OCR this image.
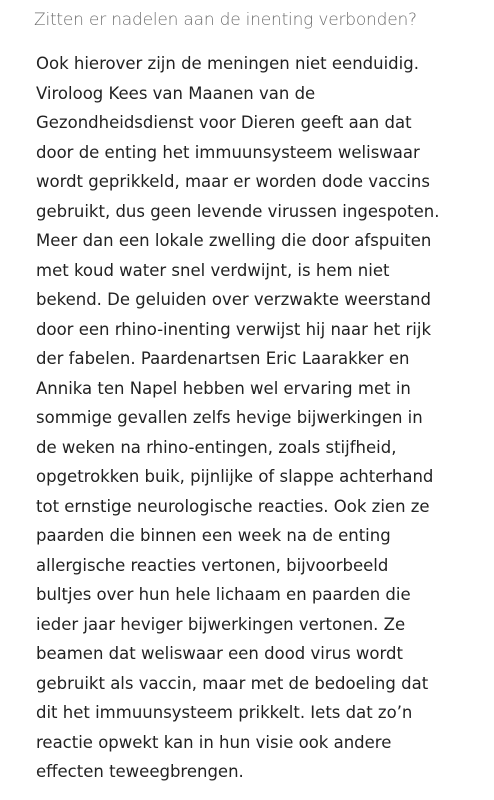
Zitten er nadelen aan de inenting verbonden?

Ook hierover zijn de meningen niet eenduidig.
Viroloog Kees van Maanen van de
Gezondheidsdienst voor Dieren geeft aan dat
door de enting het immuunsysteem weliswaar
wordt geprikkeld, maar er worden dode vaccins
gebruikt, dus geen levende virussen ingespoten.
Meer dan een lokale zwelling die door afspuiten
met koud water snel verdwijnt, is hem niet
bekend. De geluiden over verzwakte weerstand
door een rhino-inenting verwijst hij naar het rijk
der fabelen. Paardenartsen Eric Laarakker en
Annika ten Napel hebben wel ervaring met in
sommige gevallen zelfs hevige bijwerkingen in
de weken na rhino-entingen, zoals stijfheid,
opgetrokken buik, pijnlijke of slappe achterhand
tot ernstige neurologische reacties. Ook zien ze
paarden die binnen een week na de enting
allergische reacties vertonen, bijvoorbeeld
bultjes over hun hele lichaam en paarden die
ieder jaar heviger bijwerkingen vertonen. Ze
beamen dat weliswaar een dood virus wordt
gebruikt als vaccin, maar met de bedoeling dat
dit het immuunsysteem prikkelt. Iets dat zo’n
reactie opwekt kan in hun visie ook andere
effecten teweegbrengen.
